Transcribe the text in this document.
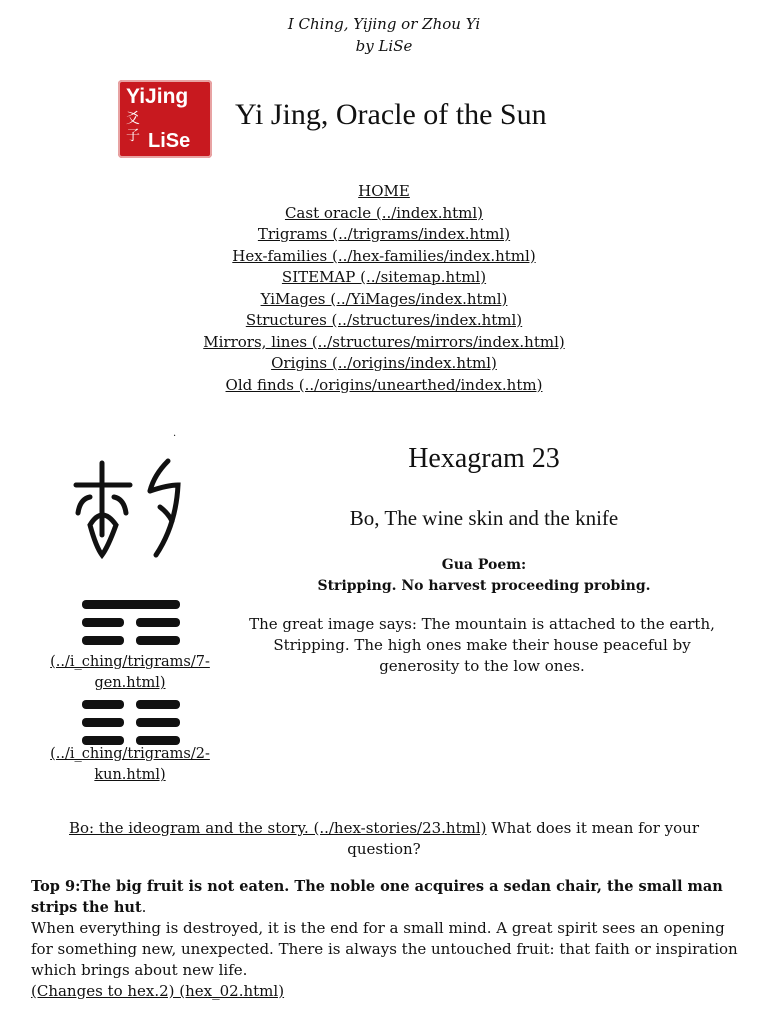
I Ching, Yijing or Zhou Yi
by LiSe
YiJing
爻
子 LiSe
Yi Jing, Oracle of the Sun
HOME
Cast oracle (../index.html)
Trigrams (../trigrams/index.html)
Hex-families (../hex-families/index.html)
SITEMAP (../sitemap.html)
YiMages (../YiMages/index.html)
Structures (../structures/index.html)
Mirrors, lines (../structures/mirrors/index.html)
Origins (../origins/index.html)
Old finds (../origins/unearthed/index.htm)
.
Hexagram 23
Bo, The wine skin and the knife
Gua Poem:
Stripping. No harvest proceeding probing.
The great image says: The mountain is attached to the earth, Stripping. The high ones make their house peaceful by generosity to the low ones.
(../i_ching/trigrams/7-gen.html)
(../i_ching/trigrams/2-kun.html)
Bo: the ideogram and the story. (../hex-stories/23.html) What does it mean for your question?
Top 9:The big fruit is not eaten. The noble one acquires a sedan chair, the small man strips the hut.
When everything is destroyed, it is the end for a small mind. A great spirit sees an opening for something new, unexpected. There is always the untouched fruit: that faith or inspiration which brings about new life.
(Changes to hex.2) (hex_02.html)
